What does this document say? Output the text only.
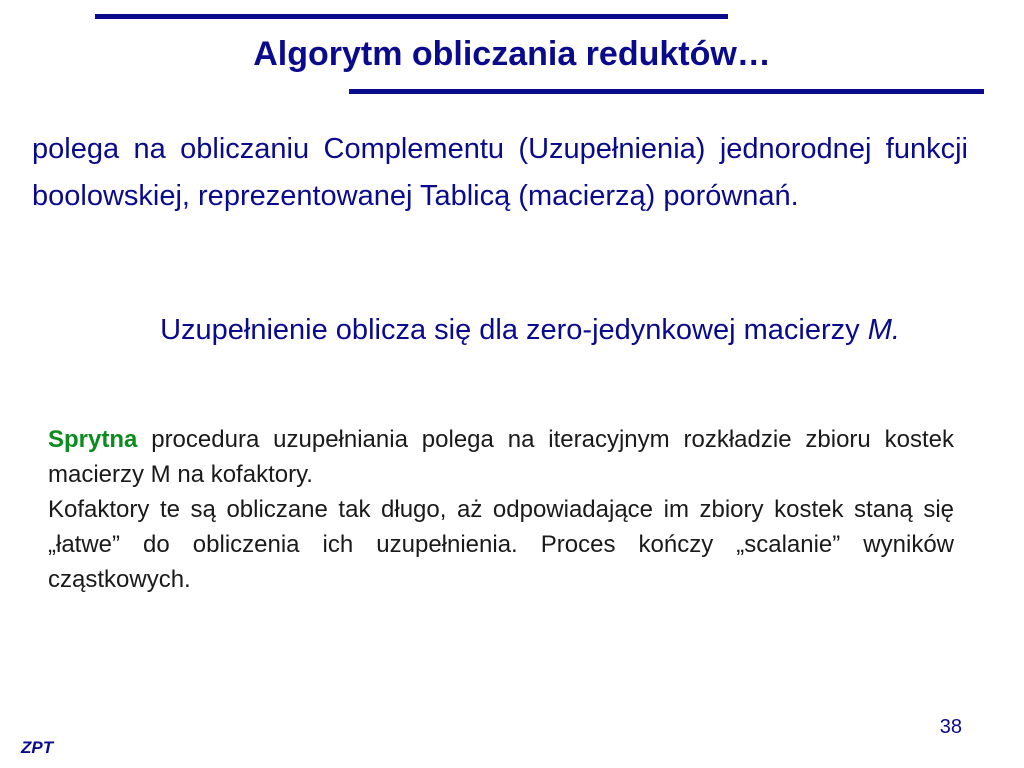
Algorytm obliczania reduktów…
polega na obliczaniu Complementu (Uzupełnienia) jednorodnej funkcji boolowskiej, reprezentowanej Tablicą (macierzą) porównań.
Uzupełnienie oblicza się dla zero-jedynkowej macierzy M.

Sprytna procedura uzupełniania polega na iteracyjnym rozkładzie zbioru kostek macierzy M na kofaktory.

Kofaktory te są obliczane tak długo, aż odpowiadające im zbiory kostek staną się „łatwe” do obliczenia ich uzupełnienia. Proces kończy „scalanie” wyników cząstkowych.

38
ZPT
